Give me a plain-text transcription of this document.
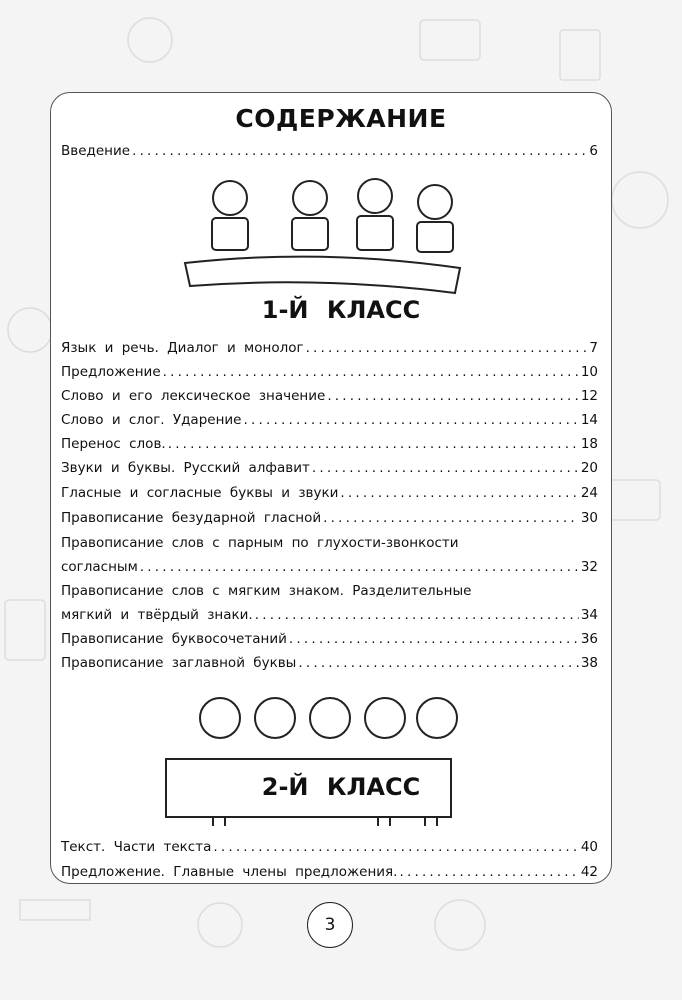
СОДЕРЖАНИЕ
Введение .....	6
1-Й КЛАСС
Язык и речь. Диалог и монолог .....	7
Предложение .....	10
Слово и его лексическое значение .....	12
Слово и слог. Ударение .....	14
Перенос слов. .....	18
Звуки и буквы. Русский алфавит .....	20
Гласные и согласные буквы и звуки .....	24
Правописание безударной гласной .....	30
Правописание слов с парным по глухости-звонкости
согласным .....	32
Правописание слов с мягким знаком. Разделительные
мягкий и твёрдый знаки. .....	34
Правописание буквосочетаний .....	36
Правописание заглавной буквы .....	38
2-Й КЛАСС
Текст. Части текста .....	40
Предложение. Главные члены предложения. .....	42
3
